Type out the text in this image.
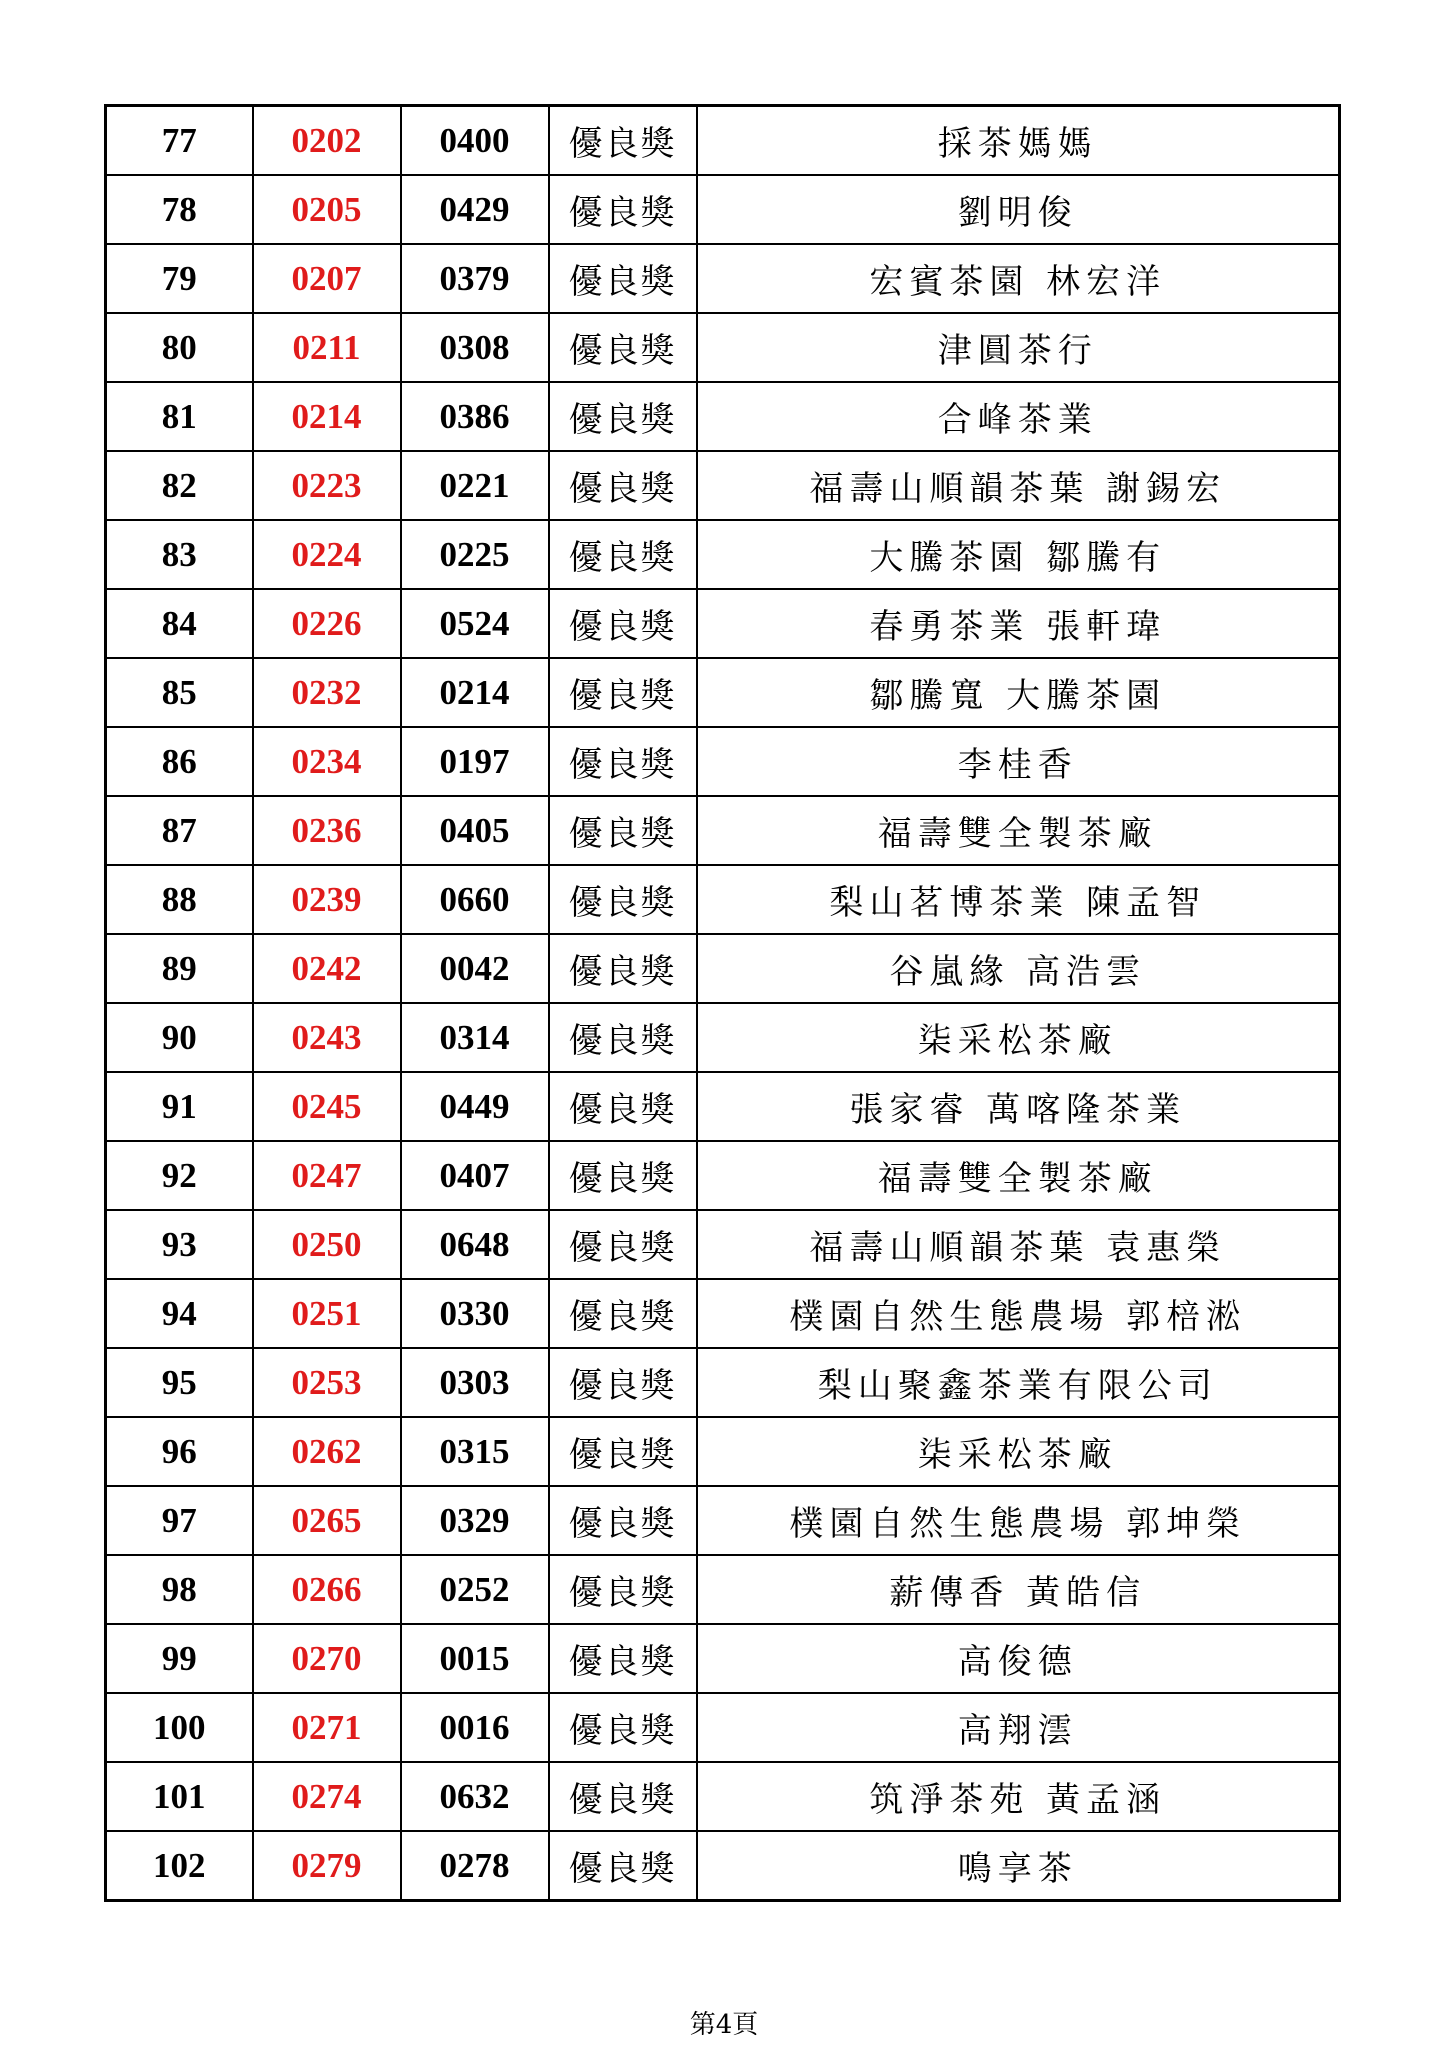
77	0202	0400	優良獎	採茶媽媽
78	0205	0429	優良獎	劉明俊
79	0207	0379	優良獎	宏賓茶園 林宏洋
80	0211	0308	優良獎	津圓茶行
81	0214	0386	優良獎	合峰茶業
82	0223	0221	優良獎	福壽山順韻茶葉 謝錫宏
83	0224	0225	優良獎	大騰茶園 鄒騰有
84	0226	0524	優良獎	春勇茶業 張軒瑋
85	0232	0214	優良獎	鄒騰寬 大騰茶園
86	0234	0197	優良獎	李桂香
87	0236	0405	優良獎	福壽雙全製茶廠
88	0239	0660	優良獎	梨山茗博茶業 陳孟智
89	0242	0042	優良獎	谷嵐緣 高浩雲
90	0243	0314	優良獎	柒采松茶廠
91	0245	0449	優良獎	張家睿 萬喀隆茶業
92	0247	0407	優良獎	福壽雙全製茶廠
93	0250	0648	優良獎	福壽山順韻茶葉 袁惠榮
94	0251	0330	優良獎	樸園自然生態農場 郭棓淞
95	0253	0303	優良獎	梨山聚鑫茶業有限公司
96	0262	0315	優良獎	柒采松茶廠
97	0265	0329	優良獎	樸園自然生態農場 郭坤榮
98	0266	0252	優良獎	薪傳香 黃皓信
99	0270	0015	優良獎	高俊德
100	0271	0016	優良獎	高翔澐
101	0274	0632	優良獎	筑淨茶苑 黃孟涵
102	0279	0278	優良獎	鳴享茶
第4頁
